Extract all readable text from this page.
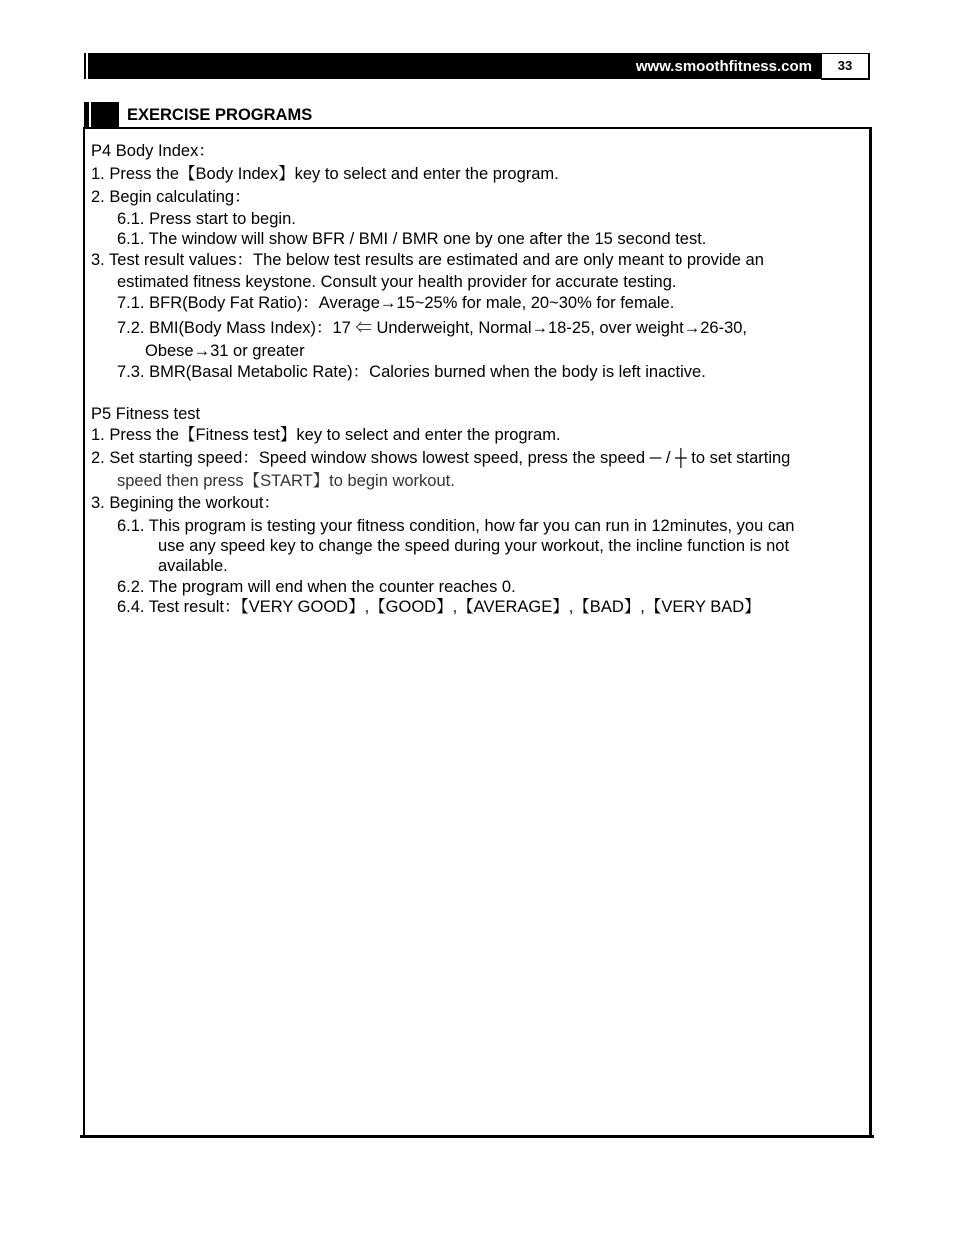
www.smoothfitness.com	33
EXERCISE PROGRAMS
P4 Body Index：
1. Press the【Body Index】key to select and enter the program.
2. Begin calculating：
6.1. Press start to begin.
6.1. The window will show BFR / BMI / BMR one by one after the 15 second test.
3. Test result values：The below test results are estimated and are only meant to provide an
estimated fitness keystone. Consult your health provider for accurate testing.
7.1. BFR(Body Fat Ratio)：Average→15~25% for male, 20~30% for female.
7.2. BMI(Body Mass Index)：17 ⇐ Underweight, Normal→18-25, over weight→26-30,
Obese→31 or greater
7.3. BMR(Basal Metabolic Rate)：Calories burned when the body is left inactive.
P5 Fitness test
1. Press the【Fitness test】key to select and enter the program.
2. Set starting speed：Speed window shows lowest speed, press the speed ─ / ┼ to set starting
speed then press【START】to begin workout.
3. Begining the workout：
6.1. This program is testing your fitness condition, how far you can run in 12minutes, you can
use any speed key to change the speed during your workout, the incline function is not
available.
6.2. The program will end when the counter reaches 0.
6.4. Test result：【VERY GOOD】,【GOOD】,【AVERAGE】,【BAD】,【VERY BAD】
